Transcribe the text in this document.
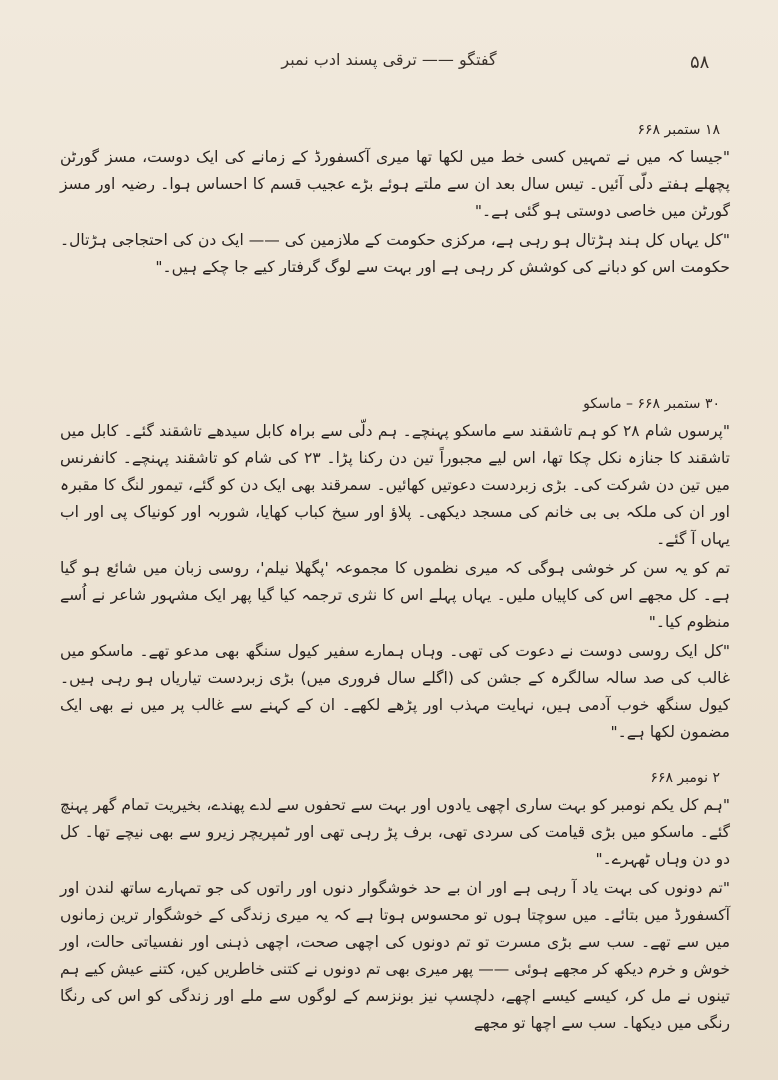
گفتگو —— ترقی پسند ادب نمبر	۵۸
۱۸ ستمبر ۶۶۸

"جیسا کہ میں نے تمہیں کسی خط میں لکھا تھا میری آکسفورڈ کے زمانے کی ایک دوست، مسز گورٹن پچھلے ہفتے دلّی آئیں۔ تیس سال بعد ان سے ملتے ہوئے بڑے عجیب قسم کا احساس ہوا۔ رضیہ اور مسز گورٹن میں خاصی دوستی ہو گئی ہے۔"

"کل یہاں کل ہند ہڑتال ہو رہی ہے، مرکزی حکومت کے ملازمین کی —— ایک دن کی احتجاجی ہڑتال۔ حکومت اس کو دبانے کی کوشش کر رہی ہے اور بہت سے لوگ گرفتار کیے جا چکے ہیں۔"

۳۰ ستمبر ۶۶۸ – ماسکو

"پرسوں شام ۲۸ کو ہم تاشقند سے ماسکو پہنچے۔ ہم دلّی سے براہ کابل سیدھے تاشقند گئے۔ کابل میں تاشقند کا جنازہ نکل چکا تھا، اس لیے مجبوراً تین دن رکنا پڑا۔ ۲۳ کی شام کو تاشقند پہنچے۔ کانفرنس میں تین دن شرکت کی۔ بڑی زبردست دعوتیں کھائیں۔ سمرقند بھی ایک دن کو گئے، تیمور لنگ کا مقبرہ اور ان کی ملکہ بی بی خانم کی مسجد دیکھی۔ پلاؤ اور سیخ کباب کھایا، شوربہ اور کونیاک پی اور اب یہاں آ گئے۔

تم کو یہ سن کر خوشی ہوگی کہ میری نظموں کا مجموعہ 'پگھلا نیلم'، روسی زبان میں شائع ہو گیا ہے۔ کل مجھے اس کی کاپیاں ملیں۔ یہاں پہلے اس کا نثری ترجمہ کیا گیا پھر ایک مشہور شاعر نے اُسے منظوم کیا۔"

"کل ایک روسی دوست نے دعوت کی تھی۔ وہاں ہمارے سفیر کیول سنگھ بھی مدعو تھے۔ ماسکو میں غالب کی صد سالہ سالگرہ کے جشن کی (اگلے سال فروری میں) بڑی زبردست تیاریاں ہو رہی ہیں۔ کیول سنگھ خوب آدمی ہیں، نہایت مہذب اور پڑھے لکھے۔ ان کے کہنے سے غالب پر میں نے بھی ایک مضمون لکھا ہے۔"

۲ نومبر ۶۶۸

"ہم کل یکم نومبر کو بہت ساری اچھی یادوں اور بہت سے تحفوں سے لدے پھندے، بخیریت تمام گھر پہنچ گئے۔ ماسکو میں بڑی قیامت کی سردی تھی، برف پڑ رہی تھی اور ٹمپریچر زیرو سے بھی نیچے تھا۔ کل دو دن وہاں ٹھہرے۔"

"تم دونوں کی بہت یاد آ رہی ہے اور ان بے حد خوشگوار دنوں اور راتوں کی جو تمہارے ساتھ لندن اور آکسفورڈ میں بتائے۔ میں سوچتا ہوں تو محسوس ہوتا ہے کہ یہ میری زندگی کے خوشگوار ترین زمانوں میں سے تھے۔ سب سے بڑی مسرت تو تم دونوں کی اچھی صحت، اچھی ذہنی اور نفسیاتی حالت، اور خوش و خرم دیکھ کر مجھے ہوئی —— پھر میری بھی تم دونوں نے کتنی خاطریں کیں، کتنے عیش کیے ہم تینوں نے مل کر، کیسے کیسے اچھے، دلچسپ نیز بونزسم کے لوگوں سے ملے اور زندگی کو اس کی رنگا رنگی میں دیکھا۔ سب سے اچھا تو مجھے
